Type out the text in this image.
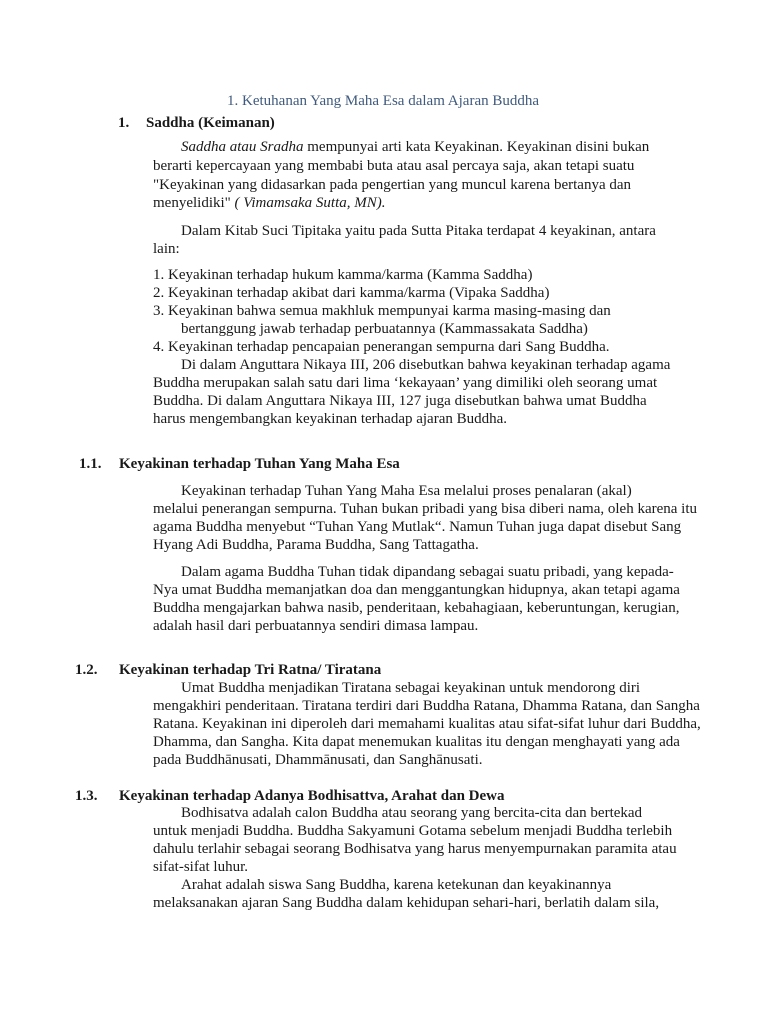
1. Ketuhanan Yang Maha Esa dalam Ajaran Buddha
1. Saddha (Keimanan)
Saddha atau Sradha mempunyai arti kata Keyakinan. Keyakinan disini bukan
berarti kepercayaan yang membabi buta atau asal percaya saja, akan tetapi suatu
"Keyakinan yang didasarkan pada pengertian yang muncul karena bertanya dan
menyelidiki" ( Vimamsaka Sutta, MN).
Dalam Kitab Suci Tipitaka yaitu pada Sutta Pitaka terdapat 4 keyakinan, antara
lain:
1. Keyakinan terhadap hukum kamma/karma (Kamma Saddha)
2. Keyakinan terhadap akibat dari kamma/karma (Vipaka Saddha)
3. Keyakinan bahwa semua makhluk mempunyai karma masing-masing dan
bertanggung jawab terhadap perbuatannya (Kammassakata Saddha)
4. Keyakinan terhadap pencapaian penerangan sempurna dari Sang Buddha.
Di dalam Anguttara Nikaya III, 206 disebutkan bahwa keyakinan terhadap agama
Buddha merupakan salah satu dari lima ‘kekayaan’ yang dimiliki oleh seorang umat
Buddha. Di dalam Anguttara Nikaya III, 127 juga disebutkan bahwa umat Buddha
harus mengembangkan keyakinan terhadap ajaran Buddha.
1.1. Keyakinan terhadap Tuhan Yang Maha Esa
Keyakinan terhadap Tuhan Yang Maha Esa melalui proses penalaran (akal)
melalui penerangan sempurna. Tuhan bukan pribadi yang bisa diberi nama, oleh karena itu
agama Buddha menyebut “Tuhan Yang Mutlak“. Namun Tuhan juga dapat disebut Sang
Hyang Adi Buddha, Parama Buddha, Sang Tattagatha.
Dalam agama Buddha Tuhan tidak dipandang sebagai suatu pribadi, yang kepada-
Nya umat Buddha memanjatkan doa dan menggantungkan hidupnya, akan tetapi agama
Buddha mengajarkan bahwa nasib, penderitaan, kebahagiaan, keberuntungan, kerugian,
adalah hasil dari perbuatannya sendiri dimasa lampau.
1.2. Keyakinan terhadap Tri Ratna/ Tiratana
Umat Buddha menjadikan Tiratana sebagai keyakinan untuk mendorong diri
mengakhiri penderitaan. Tiratana terdiri dari Buddha Ratana, Dhamma Ratana, dan Sangha
Ratana. Keyakinan ini diperoleh dari memahami kualitas atau sifat-sifat luhur dari Buddha,
Dhamma, dan Sangha. Kita dapat menemukan kualitas itu dengan menghayati yang ada
pada Buddhānusati, Dhammānusati, dan Sanghānusati.
1.3. Keyakinan terhadap Adanya Bodhisattva, Arahat dan Dewa
Bodhisatva adalah calon Buddha atau seorang yang bercita-cita dan bertekad
untuk menjadi Buddha. Buddha Sakyamuni Gotama sebelum menjadi Buddha terlebih
dahulu terlahir sebagai seorang Bodhisatva yang harus menyempurnakan paramita atau
sifat-sifat luhur.
Arahat adalah siswa Sang Buddha, karena ketekunan dan keyakinannya
melaksanakan ajaran Sang Buddha dalam kehidupan sehari-hari, berlatih dalam sila,
